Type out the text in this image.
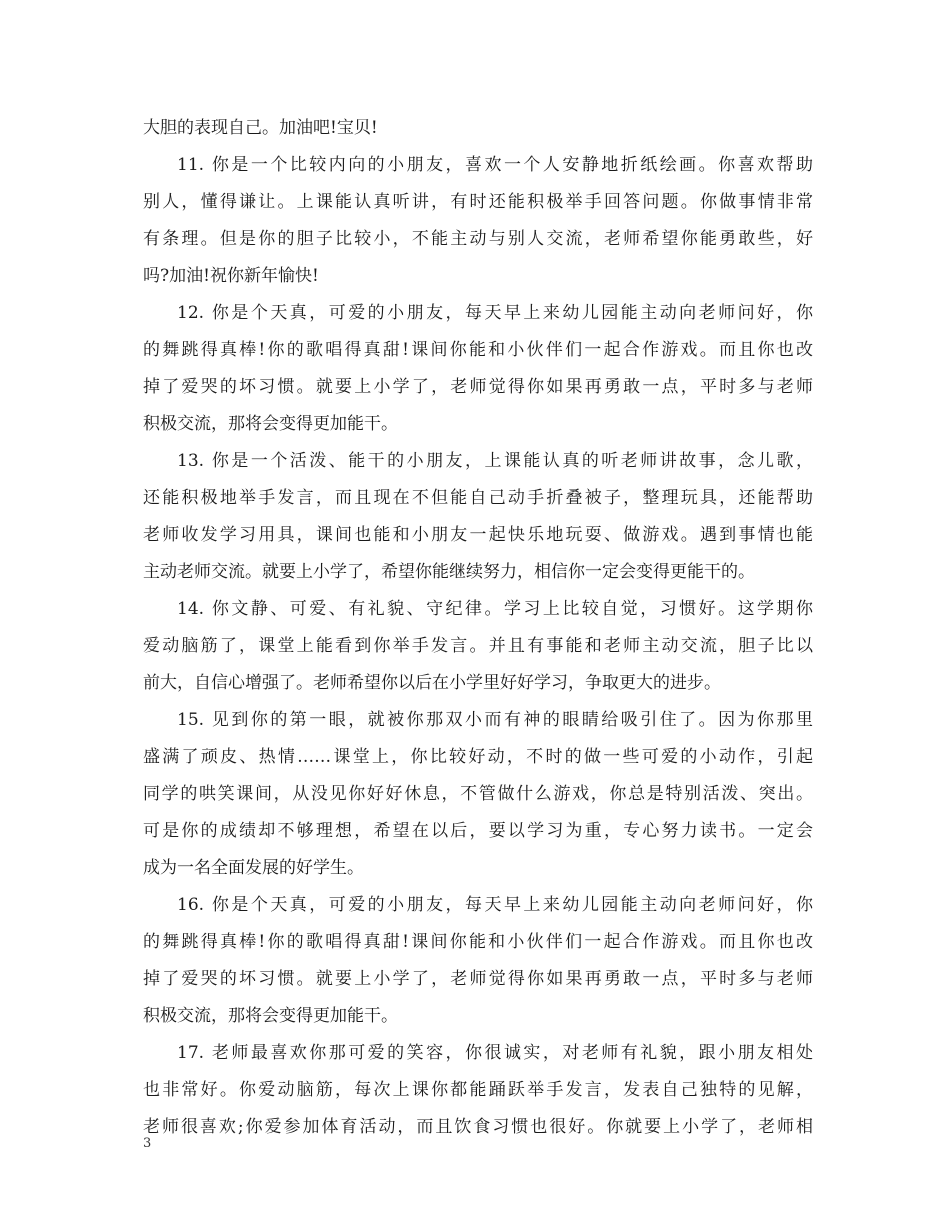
大胆的表现自己。加油吧!宝贝!
11. 你是一个比较内向的小朋友，喜欢一个人安静地折纸绘画。你喜欢帮助
别人，懂得谦让。上课能认真听讲，有时还能积极举手回答问题。你做事情非常
有条理。但是你的胆子比较小，不能主动与别人交流，老师希望你能勇敢些，好
吗?加油!祝你新年愉快!
12. 你是个天真，可爱的小朋友，每天早上来幼儿园能主动向老师问好，你
的舞跳得真棒!你的歌唱得真甜!课间你能和小伙伴们一起合作游戏。而且你也改
掉了爱哭的坏习惯。就要上小学了，老师觉得你如果再勇敢一点，平时多与老师
积极交流，那将会变得更加能干。
13. 你是一个活泼、能干的小朋友，上课能认真的听老师讲故事，念儿歌，
还能积极地举手发言，而且现在不但能自己动手折叠被子，整理玩具，还能帮助
老师收发学习用具，课间也能和小朋友一起快乐地玩耍、做游戏。遇到事情也能
主动老师交流。就要上小学了，希望你能继续努力，相信你一定会变得更能干的。
14. 你文静、可爱、有礼貌、守纪律。学习上比较自觉，习惯好。这学期你
爱动脑筋了，课堂上能看到你举手发言。并且有事能和老师主动交流，胆子比以
前大，自信心增强了。老师希望你以后在小学里好好学习，争取更大的进步。
15. 见到你的第一眼，就被你那双小而有神的眼睛给吸引住了。因为你那里
盛满了顽皮、热情……课堂上，你比较好动，不时的做一些可爱的小动作，引起
同学的哄笑课间，从没见你好好休息，不管做什么游戏，你总是特别活泼、突出。
可是你的成绩却不够理想，希望在以后，要以学习为重，专心努力读书。一定会
成为一名全面发展的好学生。
16. 你是个天真，可爱的小朋友，每天早上来幼儿园能主动向老师问好，你
的舞跳得真棒!你的歌唱得真甜!课间你能和小伙伴们一起合作游戏。而且你也改
掉了爱哭的坏习惯。就要上小学了，老师觉得你如果再勇敢一点，平时多与老师
积极交流，那将会变得更加能干。
17. 老师最喜欢你那可爱的笑容，你很诚实，对老师有礼貌，跟小朋友相处
也非常好。你爱动脑筋，每次上课你都能踊跃举手发言，发表自己独特的见解，
老师很喜欢;你爱参加体育活动，而且饮食习惯也很好。你就要上小学了，老师相
3
